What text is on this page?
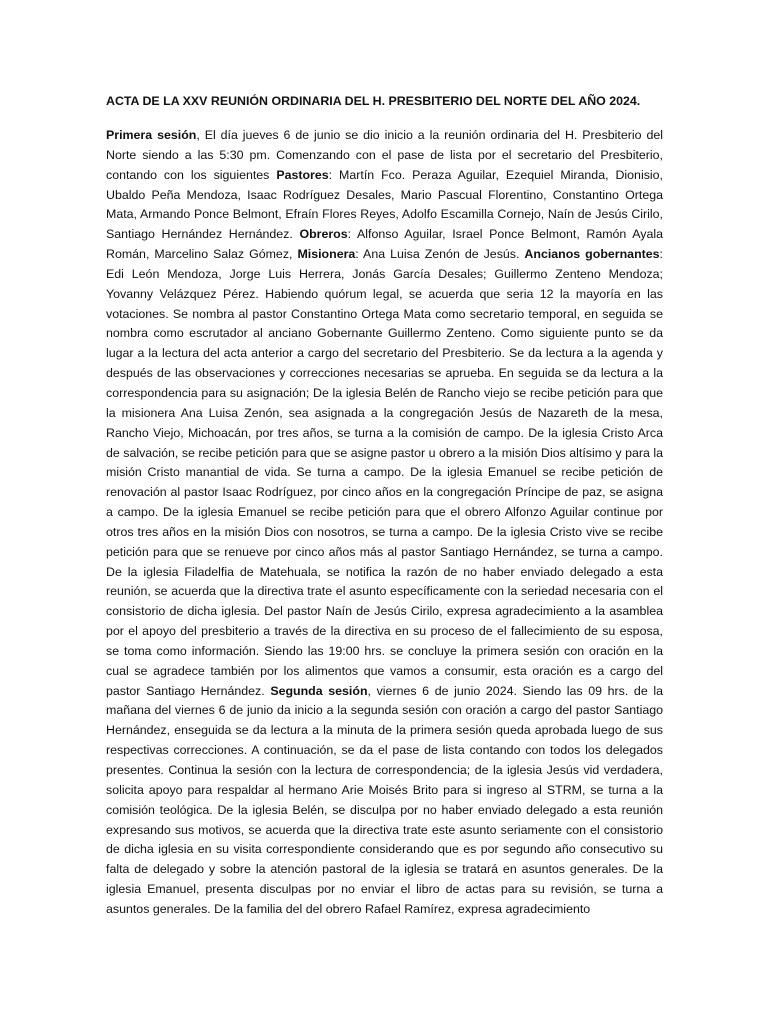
ACTA DE LA XXV REUNIÓN ORDINARIA DEL H. PRESBITERIO DEL NORTE DEL AÑO 2024.

Primera sesión, El día jueves 6 de junio se dio inicio a la reunión ordinaria del H. Presbiterio del Norte siendo a las 5:30 pm. Comenzando con el pase de lista por el secretario del Presbiterio, contando con los siguientes Pastores: Martín Fco. Peraza Aguilar, Ezequiel Miranda, Dionisio, Ubaldo Peña Mendoza, Isaac Rodríguez Desales, Mario Pascual Florentino, Constantino Ortega Mata, Armando Ponce Belmont, Efraín Flores Reyes, Adolfo Escamilla Cornejo, Naín de Jesús Cirilo, Santiago Hernández Hernández. Obreros: Alfonso Aguilar, Israel Ponce Belmont, Ramón Ayala Román, Marcelino Salaz Gómez, Misionera: Ana Luisa Zenón de Jesús. Ancianos gobernantes: Edi León Mendoza, Jorge Luis Herrera, Jonás García Desales; Guillermo Zenteno Mendoza; Yovanny Velázquez Pérez. Habiendo quórum legal, se acuerda que seria 12 la mayoría en las votaciones. Se nombra al pastor Constantino Ortega Mata como secretario temporal, en seguida se nombra como escrutador al anciano Gobernante Guillermo Zenteno. Como siguiente punto se da lugar a la lectura del acta anterior a cargo del secretario del Presbiterio. Se da lectura a la agenda y después de las observaciones y correcciones necesarias se aprueba. En seguida se da lectura a la correspondencia para su asignación; De la iglesia Belén de Rancho viejo se recibe petición para que la misionera Ana Luisa Zenón, sea asignada a la congregación Jesús de Nazareth de la mesa, Rancho Viejo, Michoacán, por tres años, se turna a la comisión de campo. De la iglesia Cristo Arca de salvación, se recibe petición para que se asigne pastor u obrero a la misión Dios altísimo y para la misión Cristo manantial de vida. Se turna a campo. De la iglesia Emanuel se recibe petición de renovación al pastor Isaac Rodríguez, por cinco años en la congregación Príncipe de paz, se asigna a campo. De la iglesia Emanuel se recibe petición para que el obrero Alfonzo Aguilar continue por otros tres años en la misión Dios con nosotros, se turna a campo. De la iglesia Cristo vive se recibe petición para que se renueve por cinco años más al pastor Santiago Hernández, se turna a campo. De la iglesia Filadelfia de Matehuala, se notifica la razón de no haber enviado delegado a esta reunión, se acuerda que la directiva trate el asunto específicamente con la seriedad necesaria con el consistorio de dicha iglesia. Del pastor Naín de Jesús Cirilo, expresa agradecimiento a la asamblea por el apoyo del presbiterio a través de la directiva en su proceso de el fallecimiento de su esposa, se toma como información. Siendo las 19:00 hrs. se concluye la primera sesión con oración en la cual se agradece también por los alimentos que vamos a consumir, esta oración es a cargo del pastor Santiago Hernández. Segunda sesión, viernes 6 de junio 2024. Siendo las 09 hrs. de la mañana del viernes 6 de junio da inicio a la segunda sesión con oración a cargo del pastor Santiago Hernández, enseguida se da lectura a la minuta de la primera sesión queda aprobada luego de sus respectivas correcciones. A continuación, se da el pase de lista contando con todos los delegados presentes. Continua la sesión con la lectura de correspondencia; de la iglesia Jesús vid verdadera, solicita apoyo para respaldar al hermano Arie Moisés Brito para si ingreso al STRM, se turna a la comisión teológica. De la iglesia Belén, se disculpa por no haber enviado delegado a esta reunión expresando sus motivos, se acuerda que la directiva trate este asunto seriamente con el consistorio de dicha iglesia en su visita correspondiente considerando que es por segundo año consecutivo su falta de delegado y sobre la atención pastoral de la iglesia se tratará en asuntos generales. De la iglesia Emanuel, presenta disculpas por no enviar el libro de actas para su revisión, se turna a asuntos generales. De la familia del del obrero Rafael Ramírez, expresa agradecimiento
